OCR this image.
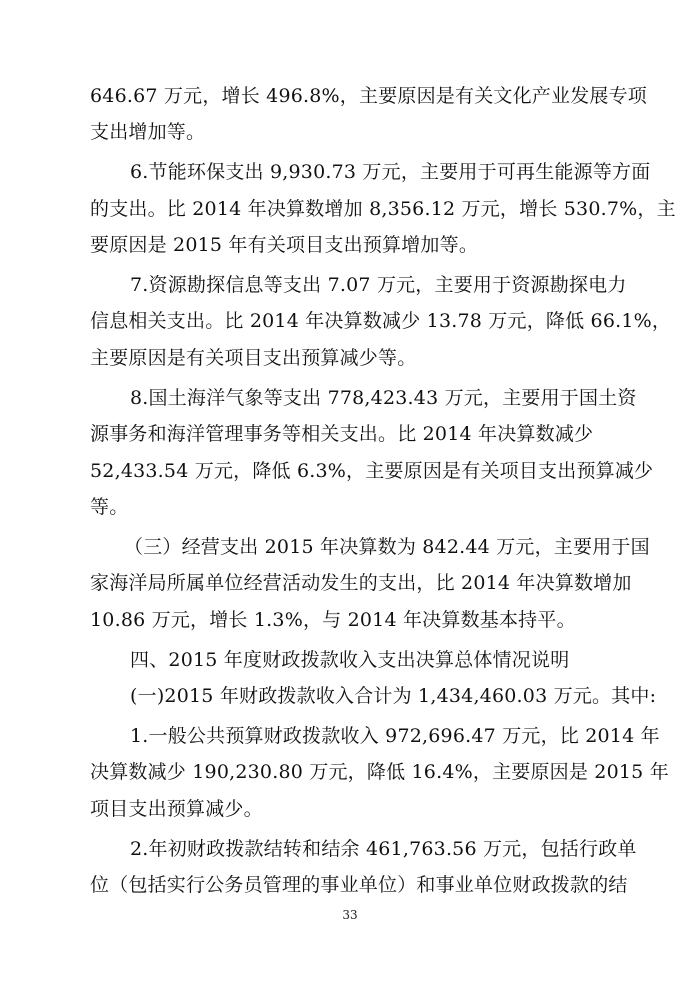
646.67 万元，增长 496.8%，主要原因是有关文化产业发展专项
支出增加等。
6.节能环保支出 9,930.73 万元，主要用于可再生能源等方面
的支出。比 2014 年决算数增加 8,356.12 万元，增长 530.7%，主
要原因是 2015 年有关项目支出预算增加等。
7.资源勘探信息等支出 7.07 万元，主要用于资源勘探电力
信息相关支出。比 2014 年决算数减少 13.78 万元，降低 66.1%，
主要原因是有关项目支出预算减少等。
8.国土海洋气象等支出 778,423.43 万元，主要用于国土资
源事务和海洋管理事务等相关支出。比 2014 年决算数减少
52,433.54 万元，降低 6.3%，主要原因是有关项目支出预算减少
等。
（三）经营支出 2015 年决算数为 842.44 万元，主要用于国
家海洋局所属单位经营活动发生的支出，比 2014 年决算数增加
10.86 万元，增长 1.3%，与 2014 年决算数基本持平。
四、2015 年度财政拨款收入支出决算总体情况说明
(一)2015 年财政拨款收入合计为 1,434,460.03 万元。其中:
1.一般公共预算财政拨款收入 972,696.47 万元，比 2014 年
决算数减少 190,230.80 万元，降低 16.4%，主要原因是 2015 年
项目支出预算减少。
2.年初财政拨款结转和结余 461,763.56 万元，包括行政单
位（包括实行公务员管理的事业单位）和事业单位财政拨款的结
33
